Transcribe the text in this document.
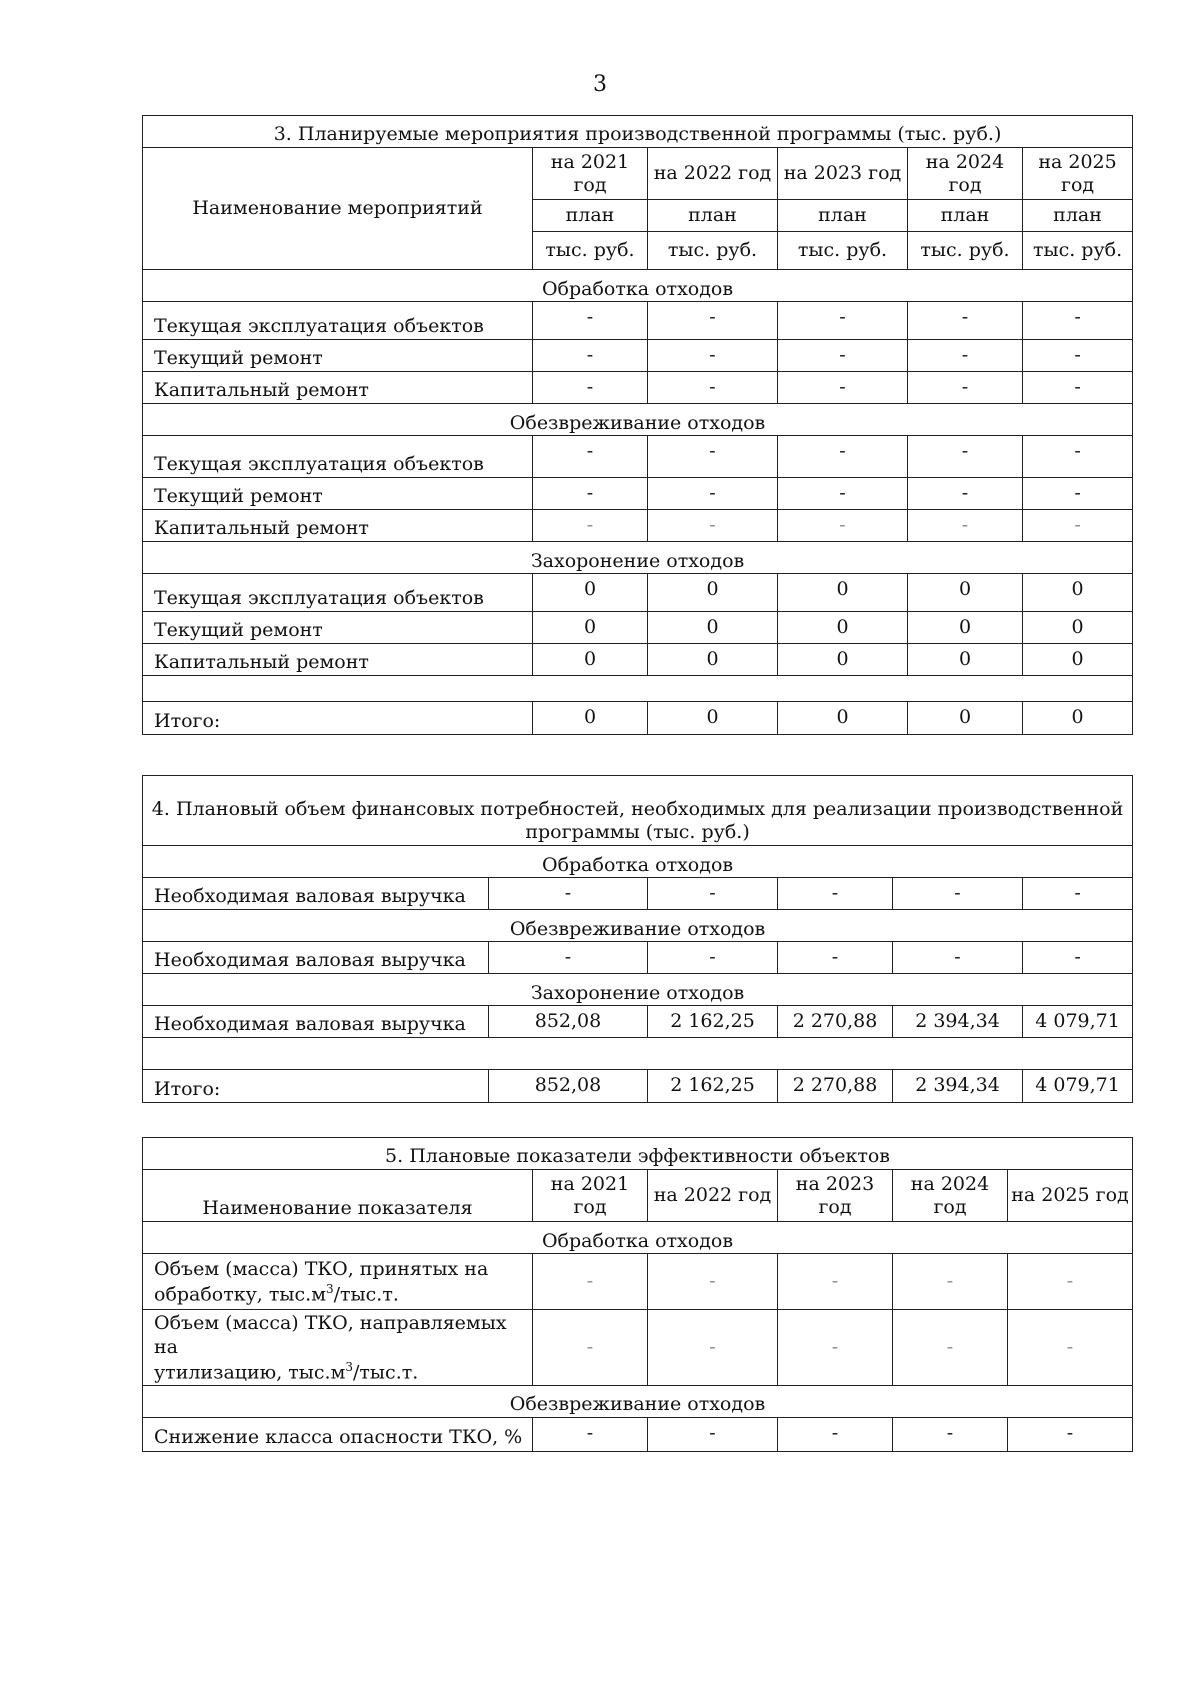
3
3. Планируемые мероприятия производственной программы (тыс. руб.)					
Наименование мероприятий	на 2021 год	на 2022 год	на 2023 год	на 2024 год	на 2025 год
	план	план	план	план	план
	тыс. руб.	тыс. руб.	тыс. руб.	тыс. руб.	тыс. руб.
Обработка отходов					
Текущая эксплуатация объектов	-	-	-	-	-
Текущий ремонт	-	-	-	-	-
Капитальный ремонт	-	-	-	-	-
Обезвреживание отходов					
Текущая эксплуатация объектов	-	-	-	-	-
Текущий ремонт	-	-	-	-	-
Капитальный ремонт	-	-	-	-	-
Захоронение отходов					
Текущая эксплуатация объектов	0	0	0	0	0
Текущий ремонт	0	0	0	0	0
Капитальный ремонт	0	0	0	0	0

Итого:	0	0	0	0	0
4. Плановый объем финансовых потребностей, необходимых для реализации производственной программы (тыс. руб.)					
Обработка отходов					
Необходимая валовая выручка	-	-	-	-	-
Обезвреживание отходов					
Необходимая валовая выручка	-	-	-	-	-
Захоронение отходов					
Необходимая валовая выручка	852,08	2 162,25	2 270,88	2 394,34	4 079,71

Итого:	852,08	2 162,25	2 270,88	2 394,34	4 079,71
5. Плановые показатели эффективности объектов					
Наименование показателя	на 2021 год	на 2022 год	на 2023 год	на 2024 год	на 2025 год
Обработка отходов					
Объем (масса) ТКО, принятых на
обработку, $тыс.м^3/тыс.т$.	-	-	-	-	-
Объем (масса) ТКО, направляемых на
утилизацию, $тыс.м^3/тыс.т$.	-	-	-	-	-
Обезвреживание отходов					
Снижение класса опасности ТКО, %	-	-	-	-	-
